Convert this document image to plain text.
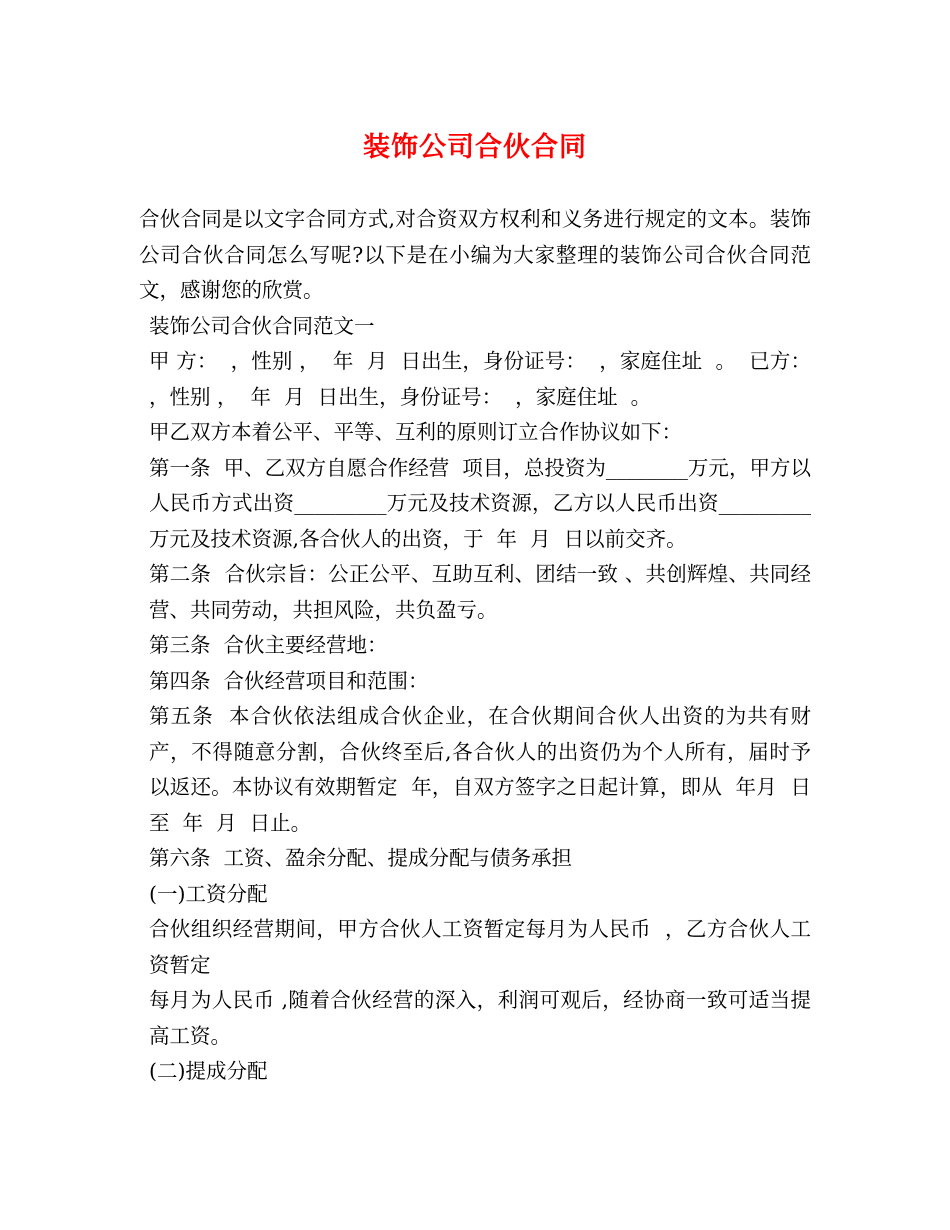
装饰公司合伙合同

合伙合同是以文字合同方式,对合资双方权利和义务进行规定的文本。装饰公司合伙合同怎么写呢?以下是在小编为大家整理的装饰公司合伙合同范文，感谢您的欣赏。

装饰公司合伙合同范文一

甲 方：  ，性别 ，  年  月  日出生，身份证号：  ，家庭住址  。  已方：  ，性别 ，  年  月  日出生，身份证号：  ，家庭住址  。

甲乙双方本着公平、平等、互利的原则订立合作协议如下：

第一条  甲、乙双方自愿合作经营  项目，总投资为________万元，甲方以人民币方式出资_________万元及技术资源，乙方以人民币出资_________万元及技术资源,各合伙人的出资，于  年  月  日以前交齐。

第二条  合伙宗旨：公正公平、互助互利、团结一致 、共创辉煌、共同经营、共同劳动，共担风险，共负盈亏。

第三条  合伙主要经营地：

第四条  合伙经营项目和范围：

第五条  本合伙依法组成合伙企业，在合伙期间合伙人出资的为共有财产，不得随意分割，合伙终至后,各合伙人的出资仍为个人所有，届时予以返还。本协议有效期暂定  年，自双方签字之日起计算，即从  年月  日至  年  月  日止。

第六条  工资、盈余分配、提成分配与债务承担

(一)工资分配

合伙组织经营期间，甲方合伙人工资暂定每月为人民币  ，乙方合伙人工资暂定

每月为人民币 ,随着合伙经营的深入，利润可观后，经协商一致可适当提高工资。

(二)提成分配
